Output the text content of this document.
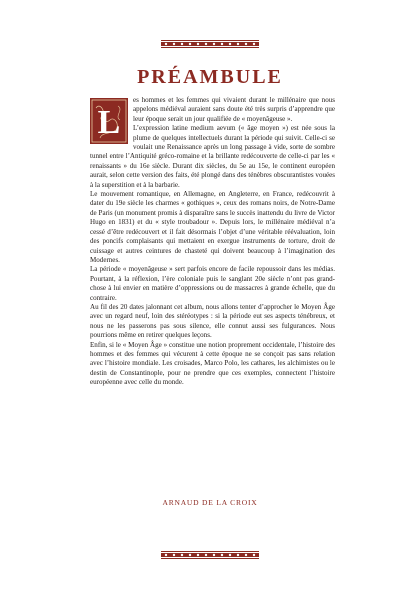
PRÉAMBULE
L

es hommes et les femmes qui vivaient durant le millénaire que nous appelons médiéval auraient sans doute été très surpris d’apprendre que leur époque serait un jour qualifiée de « moyenâgeuse ».

L’expression latine medium aevum (« âge moyen ») est née sous la plume de quelques intellectuels durant la période qui suivit. Celle-ci se voulait une Renaissance après un long passage à vide, sorte de sombre tunnel entre l’Antiquité gréco-romaine et la brillante redécouverte de celle-ci par les « renaissants » du 16e siècle. Durant dix siècles, du 5e au 15e, le continent européen aurait, selon cette version des faits, été plongé dans des ténèbres obscurantistes vouées à la superstition et à la barbarie.

Le mouvement romantique, en Allemagne, en Angleterre, en France, redécouvrit à dater du 19e siècle les charmes « gothiques », ceux des romans noirs, de Notre-Dame de Paris (un monument promis à disparaître sans le succès inattendu du livre de Victor Hugo en 1831) et du « style troubadour ». Depuis lors, le millénaire médiéval n’a cessé d’être redécouvert et il fait désormais l’objet d’une véritable réévaluation, loin des poncifs complaisants qui mettaient en exergue instruments de torture, droit de cuissage et autres ceintures de chasteté qui doivent beaucoup à l’imagination des Modernes.

La période « moyenâgeuse » sert parfois encore de facile repoussoir dans les médias. Pourtant, à la réflexion, l’ère coloniale puis le sanglant 20e siècle n’ont pas grand-chose à lui envier en matière d’oppressions ou de massacres à grande échelle, que du contraire.

Au fil des 20 dates jalonnant cet album, nous allons tenter d’approcher le Moyen Âge avec un regard neuf, loin des stéréotypes : si la période eut ses aspects ténébreux, et nous ne les passerons pas sous silence, elle connut aussi ses fulgurances. Nous pourrions même en retirer quelques leçons.

Enfin, si le « Moyen Âge » constitue une notion proprement occidentale, l’histoire des hommes et des femmes qui vécurent à cette époque ne se conçoit pas sans relation avec l’histoire mondiale. Les croisades, Marco Polo, les cathares, les alchimistes ou le destin de Constantinople, pour ne prendre que ces exemples, connectent l’histoire européenne avec celle du monde.

ARNAUD DE LA CROIX
